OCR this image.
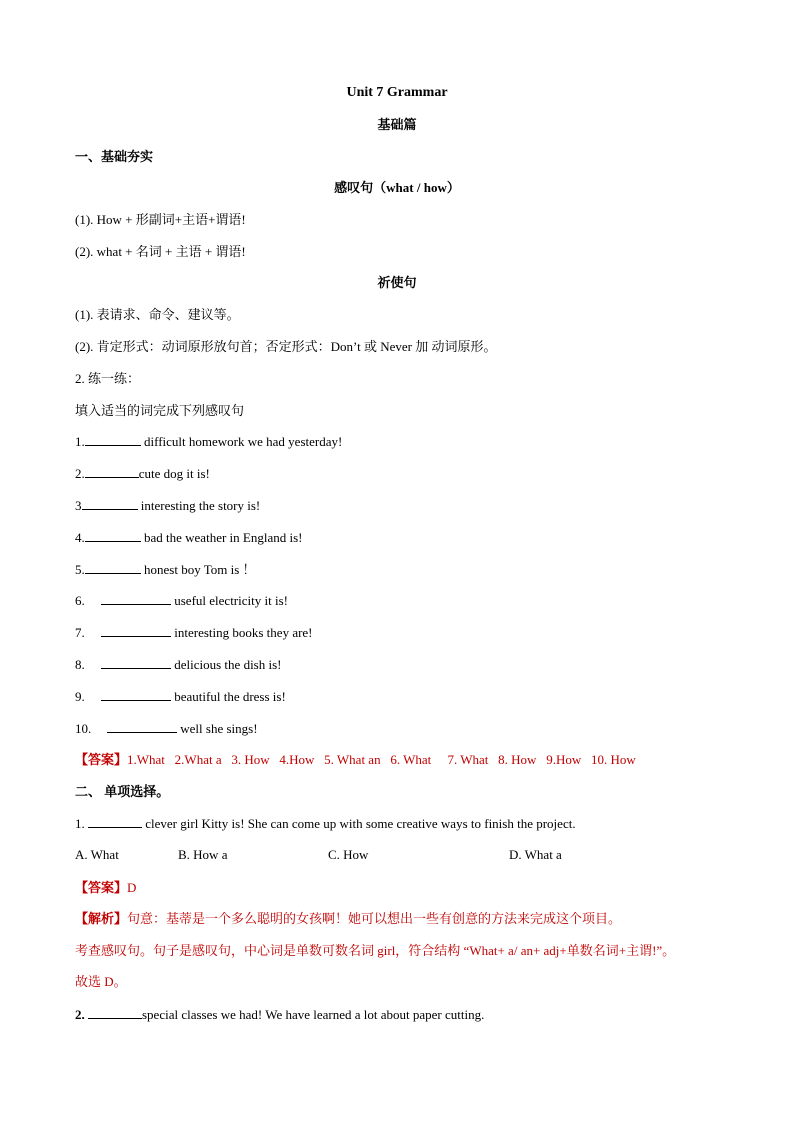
Unit 7 Grammar
基础篇
一、基础夯实
感叹句（what / how）
(1). How + 形副词+主语+谓语!
(2). what + 名词 + 主语 + 谓语!
祈使句
(1). 表请求、命令、建议等。
(2). 肯定形式：动词原形放句首；否定形式：Don’t 或 Never 加 动词原形。
2. 练一练：
填入适当的词完成下列感叹句
1.	difficult homework we had yesterday!
2.	cute dog it is!
3	interesting the story is!
4.	bad the weather in England is!
5.	honest boy Tom is ！
6.	useful electricity it is!
7.	interesting books they are!
8.	delicious the dish is!
9.	beautiful the dress is!
10.	well she sings!
【答案】1.What   2.What a   3. How   4.How   5. What an   6. What     7. What   8. How   9.How   10. How
二、 单项选择。
1.	clever girl Kitty is! She can come up with some creative ways to finish the project.
A. What	B. How a	C. How	D. What a
【答案】D
【解析】句意：基蒂是一个多么聪明的女孩啊！她可以想出一些有创意的方法来完成这个项目。
考查感叹句。句子是感叹句，中心词是单数可数名词 girl，符合结构 “What+ a/ an+ adj+单数名词+主谓!”。
故选 D。
2.	special classes we had! We have learned a lot about paper cutting.
